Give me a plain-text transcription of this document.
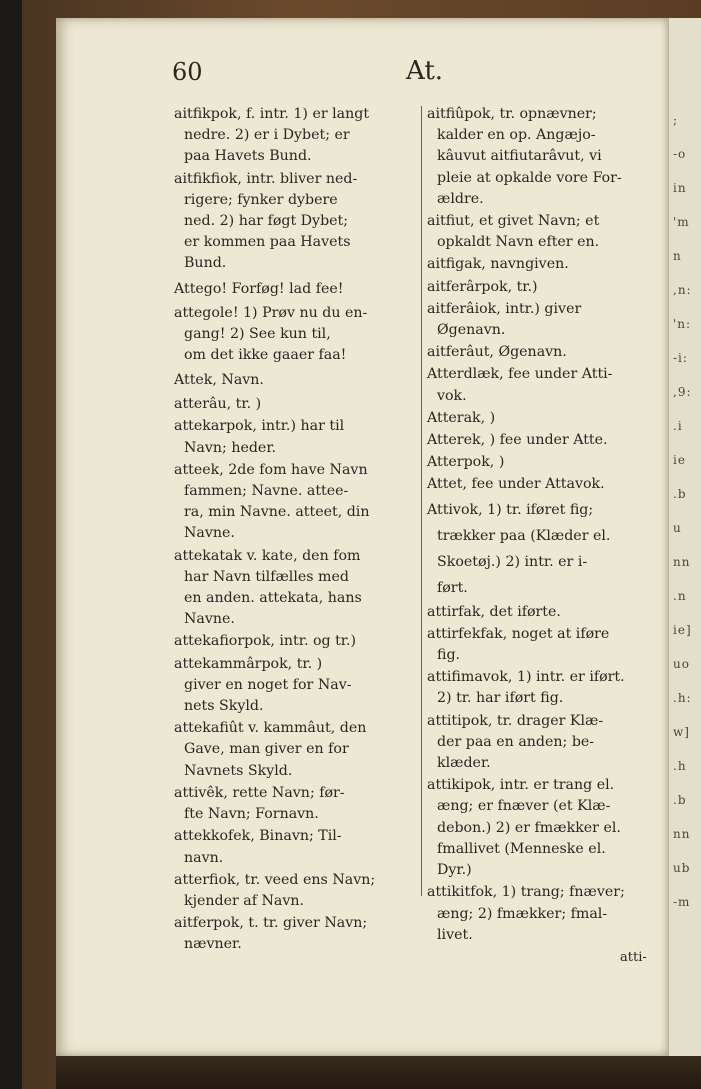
;
-o
in
'm
n
,n:
'n:
-i:
,9:
.i
ie
.b
u
nn
.n
ie]
uo
.h:
w]
.h
.b
nn
ub
-m
60	At.
aitfikpok, f. intr. 1) er langt
nedre. 2) er i Dybet; er
paa Havets Bund.
aitfikfiok, intr. bliver ned-
rigere; fynker dybere
ned. 2) har føgt Dybet;
er kommen paa Havets
Bund.
Attego! Forføg! lad fee!
attegole! 1) Prøv nu du en-
gang! 2) See kun til,
om det ikke gaaer faa!
Attek, Navn.
atterâu, tr. )
attekarpok, intr.) har til
Navn; heder.
atteek, 2de fom have Navn
fammen; Navne. attee-
ra, min Navne. atteet, din
Navne.
attekatak v. kate, den fom
har Navn tilfælles med
en anden. attekata, hans
Navne.
attekafiorpok, intr. og tr.)
attekammârpok, tr. )
giver en noget for Nav-
nets Skyld.
attekafiût v. kammâut, den
Gave, man giver en for
Navnets Skyld.
attivêk, rette Navn; før-
fte Navn; Fornavn.
attekkofek, Binavn; Til-
navn.
atterfiok, tr. veed ens Navn;
kjender af Navn.
aitferpok, t. tr. giver Navn;
nævner.
aitfiûpok, tr. opnævner;
kalder en op. Angæjo-
kâuvut aitfiutarâvut, vi
pleie at opkalde vore For-
ældre.
aitfiut, et givet Navn; et
opkaldt Navn efter en.
aitfigak, navngiven.
aitferârpok, tr.)
aitferâiok, intr.) giver
Øgenavn.
aitferâut, Øgenavn.
Atterdlæk, fee under Atti-
vok.
Atterak, )
Atterek, ) fee under Atte.
Atterpok, )
Attet, fee under Attavok.
Attivok, 1) tr. iføret fig;
trækker paa (Klæder el.
Skoetøj.) 2) intr. er i-
ført.
attirfak, det iførte.
attirfekfak, noget at iføre
fig.
attifimavok, 1) intr. er iført.
2) tr. har iført fig.
attitipok, tr. drager Klæ-
der paa en anden; be-
klæder.
attikipok, intr. er trang el.
æng; er fnæver (et Klæ-
debon.) 2) er fmækker el.
fmallivet (Menneske el.
Dyr.)
attikitfok, 1) trang; fnæver;
æng; 2) fmækker; fmal-
livet.
atti-
